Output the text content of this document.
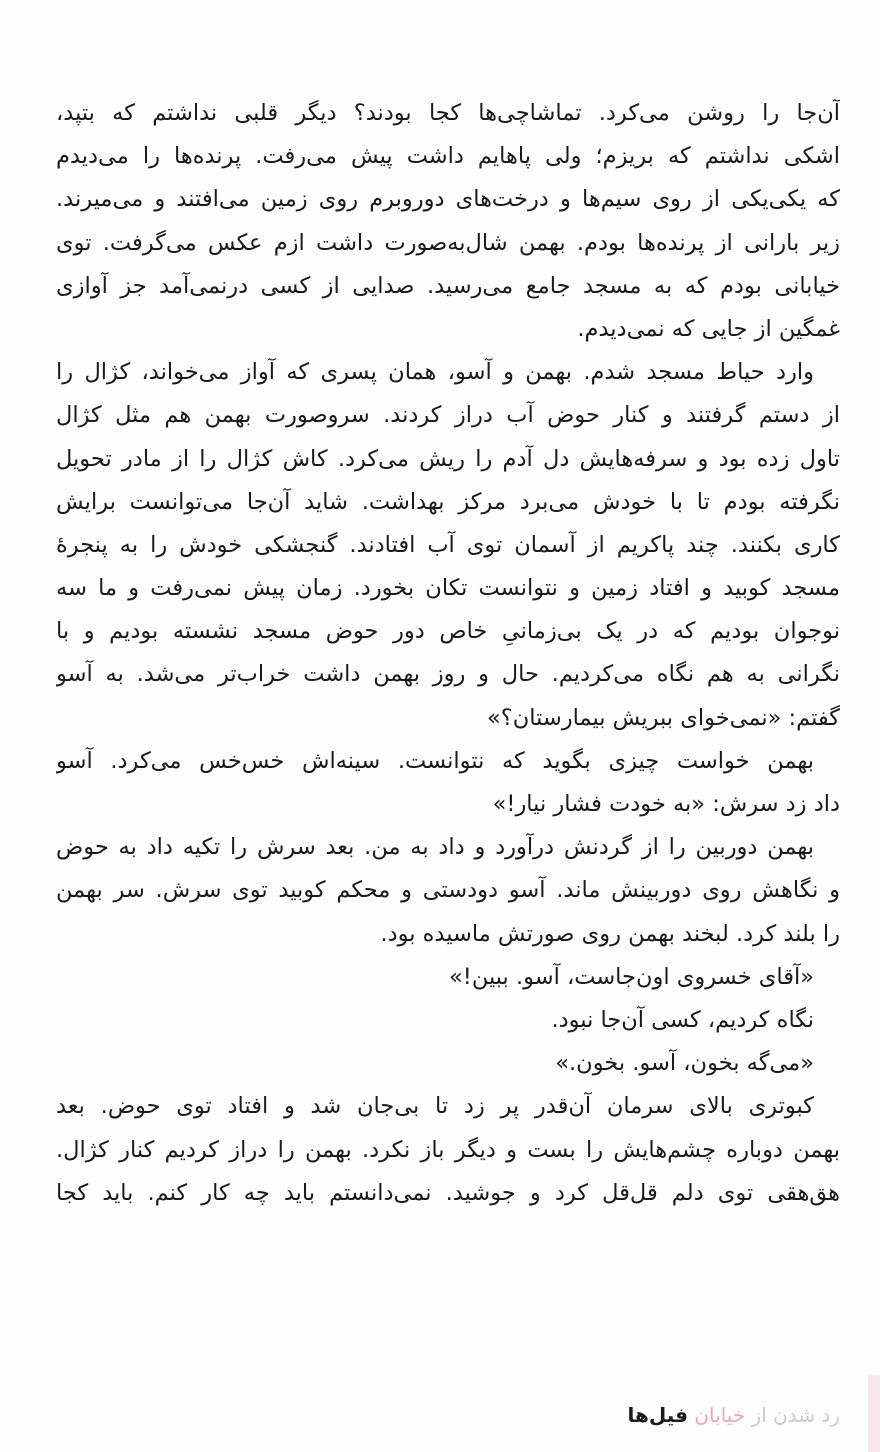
آن‌جا را روشن می‌کرد. تماشاچی‌ها کجا بودند؟ دیگر قلبی نداشتم که بتپد،
اشکی نداشتم که بریزم؛ ولی پاهایم داشت پیش می‌رفت. پرنده‌ها را می‌دیدم
که یکی‌یکی از روی سیم‌ها و درخت‌های دوروبرم روی زمین می‌افتند و می‌میرند.
زیر بارانی از پرنده‌ها بودم. بهمن شال‌به‌صورت داشت ازم عکس می‌گرفت. توی
خیابانی بودم که به مسجد جامع می‌رسید. صدایی از کسی درنمی‌آمد جز آوازی
غمگین از جایی که نمی‌دیدم.
وارد حیاط مسجد شدم. بهمن و آسو، همان پسری که آواز می‌خواند، کژال را
از دستم گرفتند و کنار حوض آب دراز کردند. سروصورت بهمن هم مثل کژال
تاول زده بود و سرفه‌هایش دل آدم را ریش می‌کرد. کاش کژال را از مادر تحویل
نگرفته بودم تا با خودش می‌برد مرکز بهداشت. شاید آن‌جا می‌توانست برایش
کاری بکنند. چند پاکریم از آسمان توی آب افتادند. گنجشکی خودش را به پنجرهٔ
مسجد کوبید و افتاد زمین و نتوانست تکان بخورد. زمان پیش نمی‌رفت و ما سه
نوجوان بودیم که در یک بی‌زمانیِ خاص دور حوض مسجد نشسته بودیم و با
نگرانی به هم نگاه می‌کردیم. حال و روز بهمن داشت خراب‌تر می‌شد. به آسو
گفتم: «نمی‌خوای ببریش بیمارستان؟»
بهمن خواست چیزی بگوید که نتوانست. سینه‌اش خس‌خس می‌کرد. آسو
داد زد سرش: «به خودت فشار نیار!»
بهمن دوربین را از گردنش درآورد و داد به من. بعد سرش را تکیه داد به حوض
و نگاهش روی دوربینش ماند. آسو دودستی و محکم کوبید توی سرش. سر بهمن
را بلند کرد. لبخند بهمن روی صورتش ماسیده بود.
«آقای خسروی اون‌جاست، آسو. ببین!»
نگاه کردیم، کسی آن‌جا نبود.
«می‌گه بخون، آسو. بخون.»
کبوتری بالای سرمان آن‌قدر پر زد تا بی‌جان شد و افتاد توی حوض. بعد
بهمن دوباره چشم‌هایش را بست و دیگر باز نکرد. بهمن را دراز کردیم کنار کژال.
هق‌هقی توی دلم قل‌قل کرد و جوشید. نمی‌دانستم باید چه کار کنم. باید کجا
رد شدن از خیابان فیل‌ها
